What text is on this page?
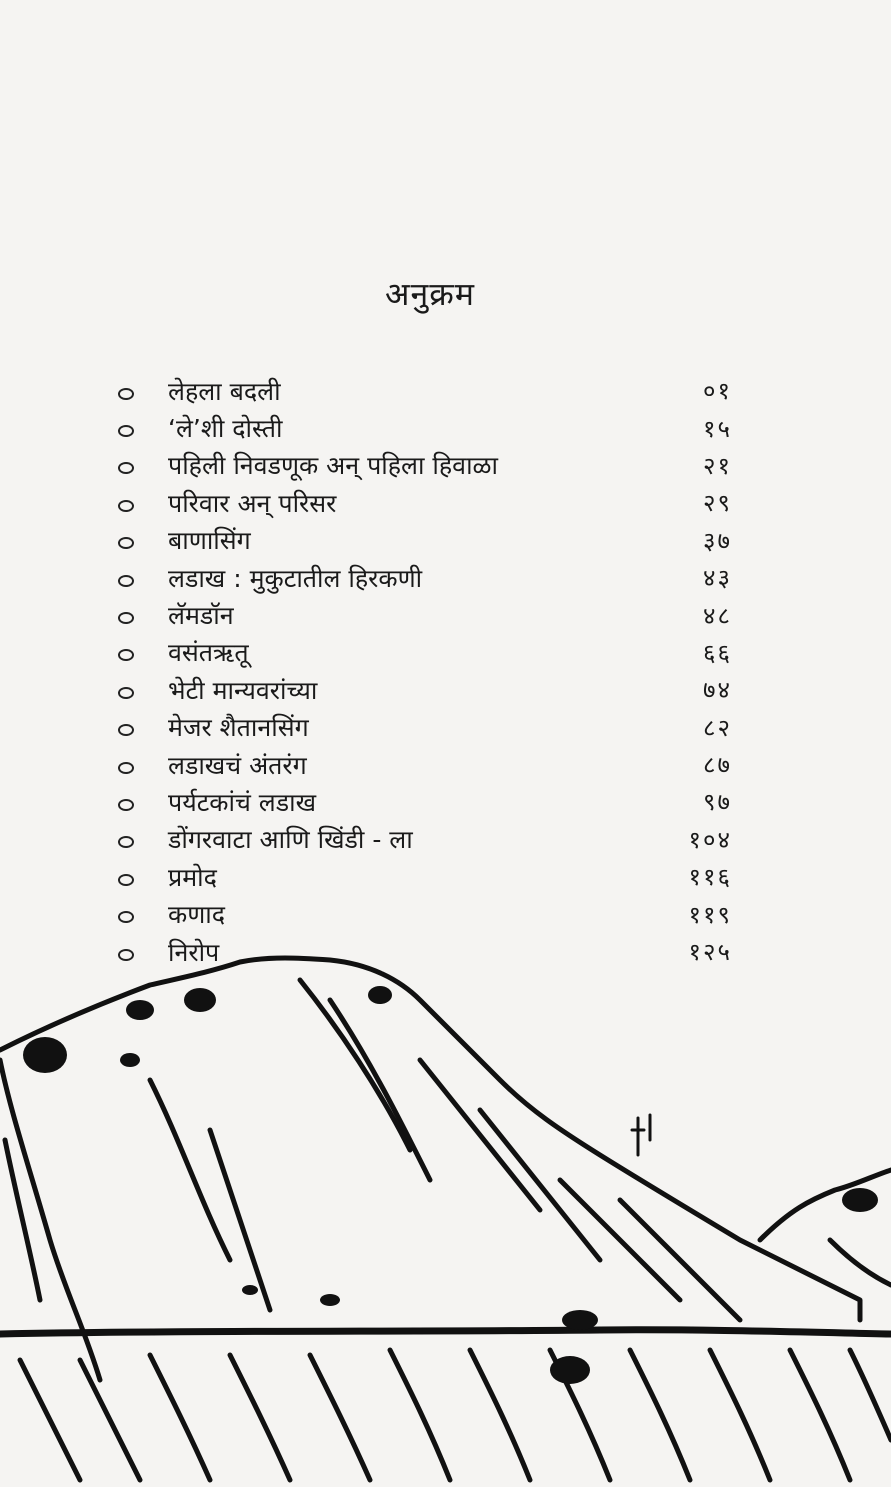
अनुक्रम
लेहला बदली	०१
‘ले’शी दोस्ती	१५
पहिली निवडणूक अन् पहिला हिवाळा	२१
परिवार अन् परिसर	२९
बाणासिंग	३७
लडाख : मुकुटातील हिरकणी	४३
लॅमडॉन	४८
वसंतऋतू	६६
भेटी मान्यवरांच्या	७४
मेजर शैतानसिंग	८२
लडाखचं अंतरंग	८७
पर्यटकांचं लडाख	९७
डोंगरवाटा आणि खिंडी - ला	१०४
प्रमोद	११६
कणाद	११९
निरोप	१२५
